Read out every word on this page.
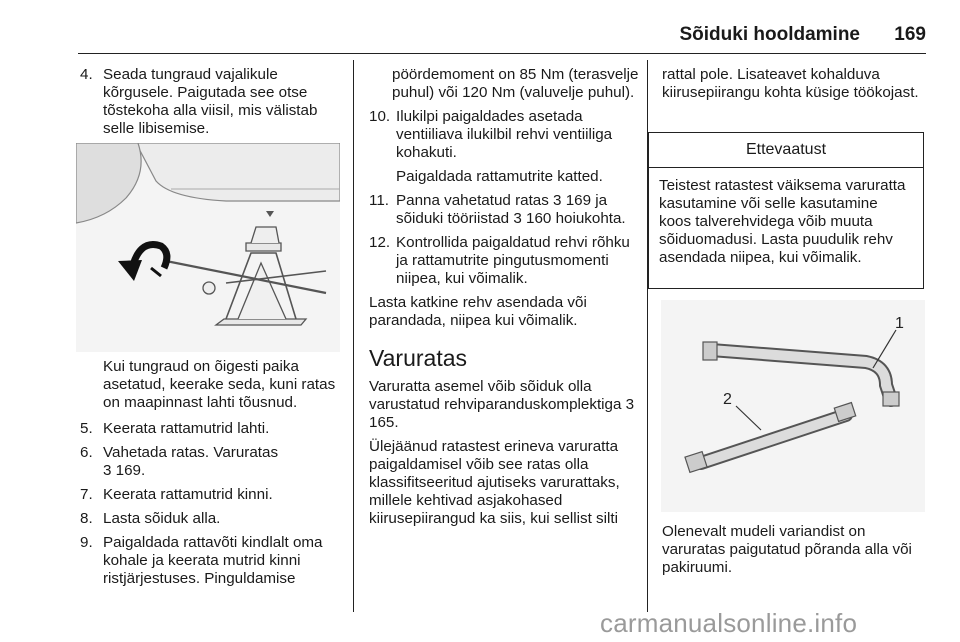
Sõiduki hooldamine	169
4. Seada tungraud vajalikule kõrgusele. Paigutada see otse tõstekoha alla viisil, mis välistab selle libisemise.
Kui tungraud on õigesti paika asetatud, keerake seda, kuni ratas on maapinnast lahti tõusnud.
5. Keerata rattamutrid lahti.
6. Vahetada ratas. Varuratas
3 169.
7. Keerata rattamutrid kinni.
8. Lasta sõiduk alla.
9. Paigaldada rattavõti kindlalt oma kohale ja keerata mutrid kinni ristjärjestuses. Pinguldamise
pöördemoment on 85 Nm (terasvelje puhul) või 120 Nm (valuvelje puhul).
10. Ilukilpi paigaldades asetada ventiiliava ilukilbil rehvi ventiiliga kohakuti.
Paigaldada rattamutrite katted.
11. Panna vahetatud ratas 3 169 ja sõiduki tööriistad 3 160 hoiukohta.
12. Kontrollida paigaldatud rehvi rõhku ja rattamutrite pingutusmomenti niipea, kui võimalik.
Lasta katkine rehv asendada või parandada, niipea kui võimalik.
Varuratas
Varuratta asemel võib sõiduk olla varustatud rehviparanduskomplektiga 3 165.
Ülejäänud ratastest erineva varuratta paigaldamisel võib see ratas olla klassifitseeritud ajutiseks varurattaks, millele kehtivad asjakohased kiirusepiirangud ka siis, kui sellist silti
rattal pole. Lisateavet kohalduva kiirusepiirangu kohta küsige töökojast.
Ettevaatust
Teistest ratastest väiksema varuratta kasutamine või selle kasutamine koos talverehvidega võib muuta sõiduomadusi. Lasta puudulik rehv asendada niipea, kui võimalik.
1
2
Olenevalt mudeli variandist on varuratas paigutatud põranda alla või pakiruumi.
carmanualsonline.info
